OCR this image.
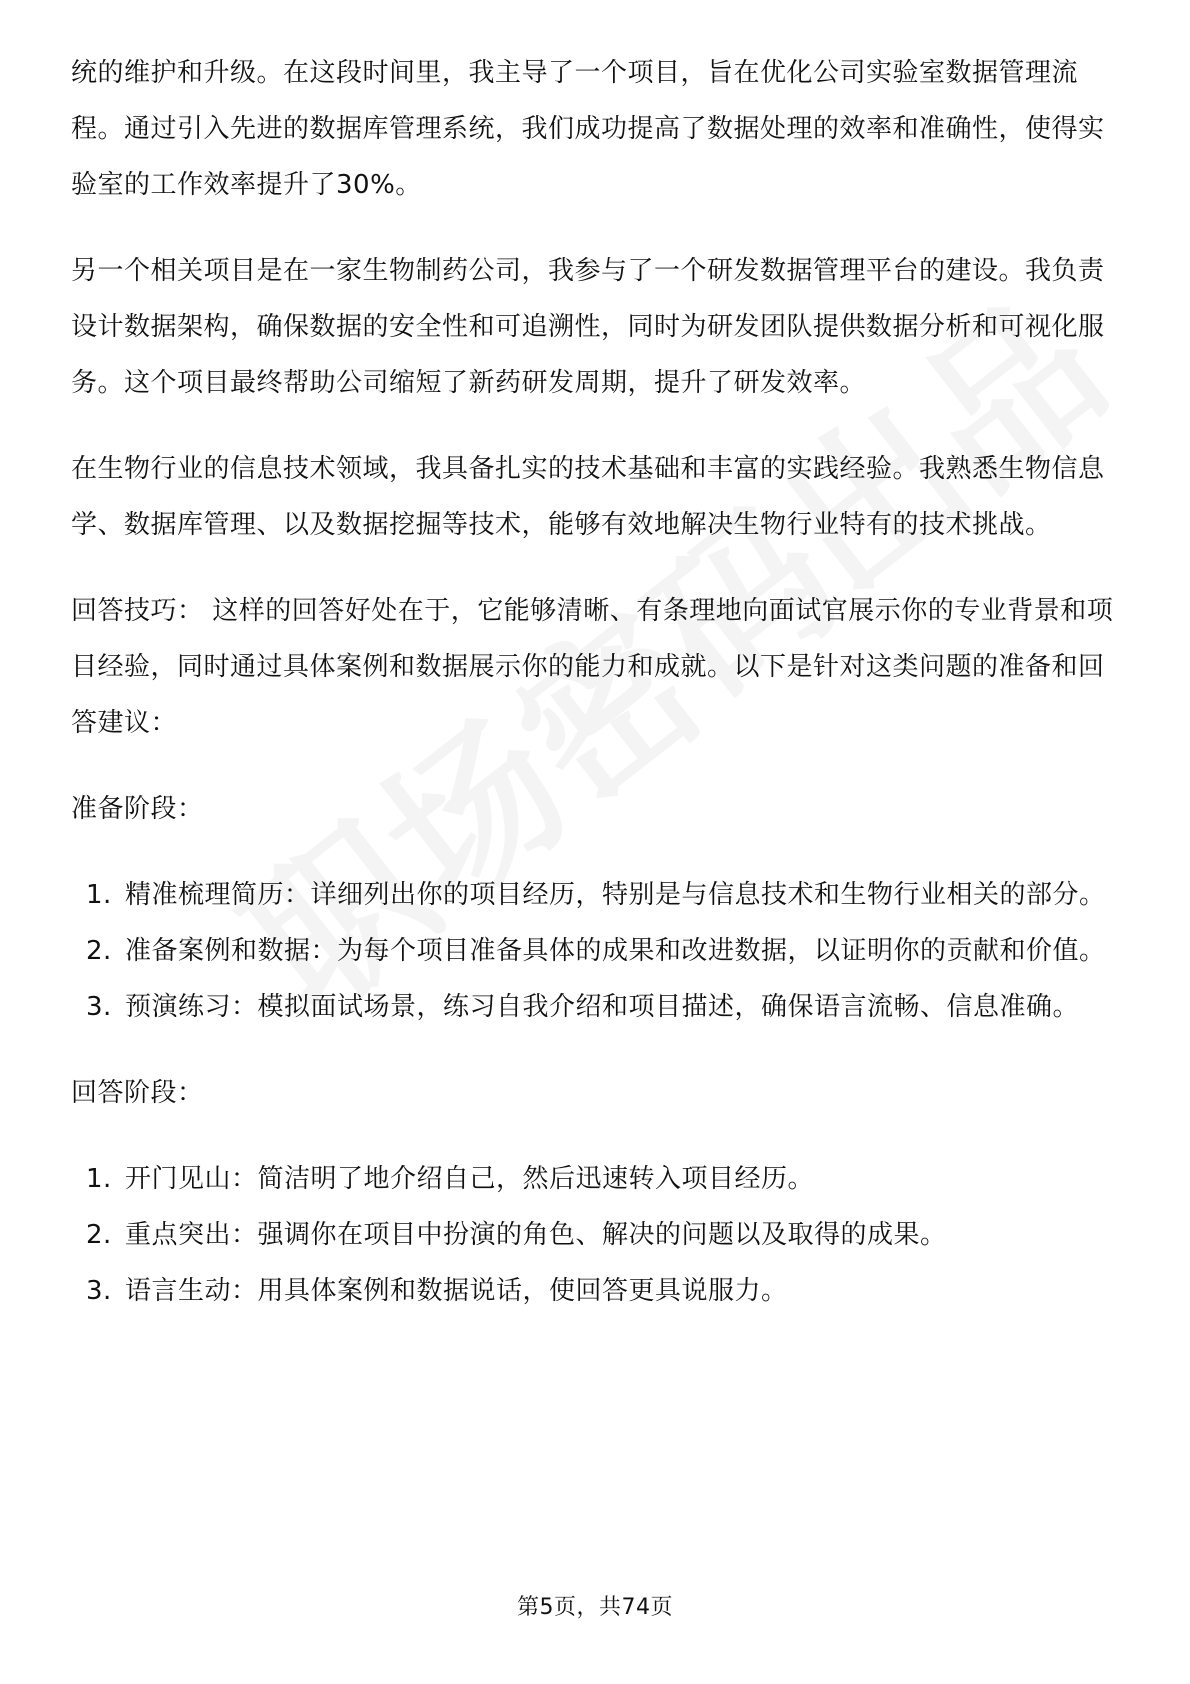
统的维护和升级。在这段时间里，我主导了一个项目，旨在优化公司实验室数据管理流程。通过引入先进的数据库管理系统，我们成功提高了数据处理的效率和准确性，使得实验室的工作效率提升了30%。

另一个相关项目是在一家生物制药公司，我参与了一个研发数据管理平台的建设。我负责设计数据架构，确保数据的安全性和可追溯性，同时为研发团队提供数据分析和可视化服务。这个项目最终帮助公司缩短了新药研发周期，提升了研发效率。

在生物行业的信息技术领域，我具备扎实的技术基础和丰富的实践经验。我熟悉生物信息学、数据库管理、以及数据挖掘等技术，能够有效地解决生物行业特有的技术挑战。

回答技巧： 这样的回答好处在于，它能够清晰、有条理地向面试官展示你的专业背景和项目经验，同时通过具体案例和数据展示你的能力和成就。以下是针对这类问题的准备和回答建议：

准备阶段：
1. 精准梳理简历：详细列出你的项目经历，特别是与信息技术和生物行业相关的部分。
2. 准备案例和数据：为每个项目准备具体的成果和改进数据，以证明你的贡献和价值。
3. 预演练习：模拟面试场景，练习自我介绍和项目描述，确保语言流畅、信息准确。
回答阶段：
1. 开门见山：简洁明了地介绍自己，然后迅速转入项目经历。
2. 重点突出：强调你在项目中扮演的角色、解决的问题以及取得的成果。
3. 语言生动：用具体案例和数据说话，使回答更具说服力。
第5页，共74页
